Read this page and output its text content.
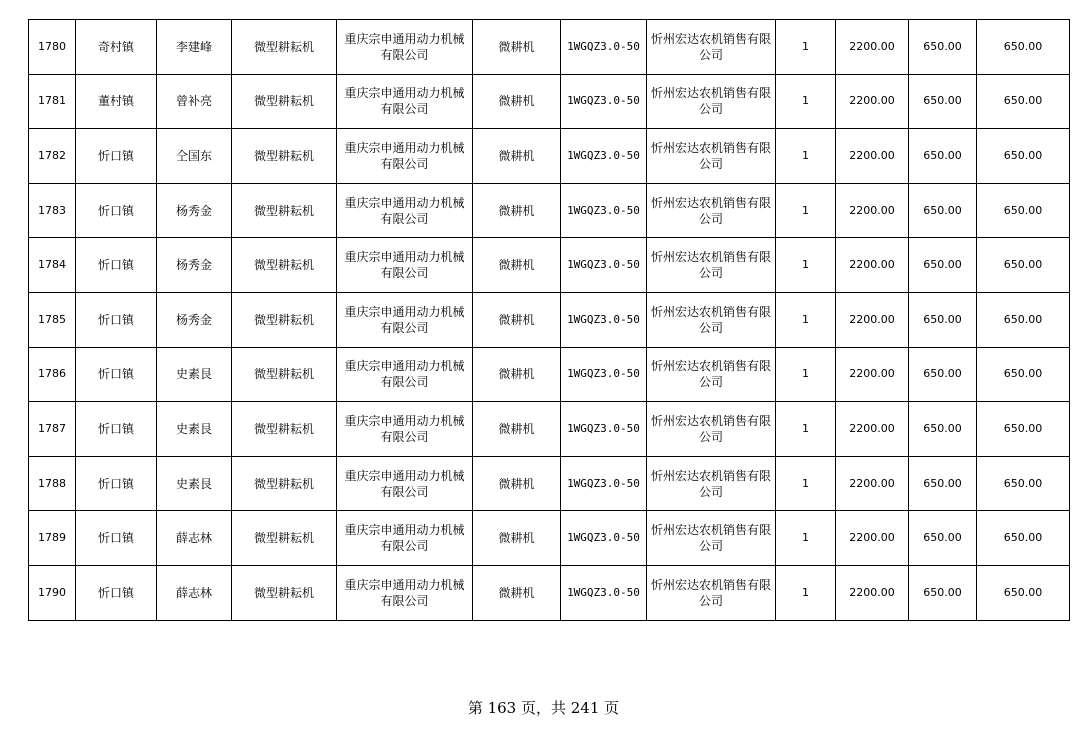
1780	奇村镇	李建峰	微型耕耘机	重庆宗申通用动力机械有限公司	微耕机	1WGQZ3.0-50	忻州宏达农机销售有限公司	1	2200.00	650.00	650.00
1781	董村镇	曾补亮	微型耕耘机	重庆宗申通用动力机械有限公司	微耕机	1WGQZ3.0-50	忻州宏达农机销售有限公司	1	2200.00	650.00	650.00
1782	忻口镇	仝国东	微型耕耘机	重庆宗申通用动力机械有限公司	微耕机	1WGQZ3.0-50	忻州宏达农机销售有限公司	1	2200.00	650.00	650.00
1783	忻口镇	杨秀金	微型耕耘机	重庆宗申通用动力机械有限公司	微耕机	1WGQZ3.0-50	忻州宏达农机销售有限公司	1	2200.00	650.00	650.00
1784	忻口镇	杨秀金	微型耕耘机	重庆宗申通用动力机械有限公司	微耕机	1WGQZ3.0-50	忻州宏达农机销售有限公司	1	2200.00	650.00	650.00
1785	忻口镇	杨秀金	微型耕耘机	重庆宗申通用动力机械有限公司	微耕机	1WGQZ3.0-50	忻州宏达农机销售有限公司	1	2200.00	650.00	650.00
1786	忻口镇	史素艮	微型耕耘机	重庆宗申通用动力机械有限公司	微耕机	1WGQZ3.0-50	忻州宏达农机销售有限公司	1	2200.00	650.00	650.00
1787	忻口镇	史素艮	微型耕耘机	重庆宗申通用动力机械有限公司	微耕机	1WGQZ3.0-50	忻州宏达农机销售有限公司	1	2200.00	650.00	650.00
1788	忻口镇	史素艮	微型耕耘机	重庆宗申通用动力机械有限公司	微耕机	1WGQZ3.0-50	忻州宏达农机销售有限公司	1	2200.00	650.00	650.00
1789	忻口镇	薛志林	微型耕耘机	重庆宗申通用动力机械有限公司	微耕机	1WGQZ3.0-50	忻州宏达农机销售有限公司	1	2200.00	650.00	650.00
1790	忻口镇	薛志林	微型耕耘机	重庆宗申通用动力机械有限公司	微耕机	1WGQZ3.0-50	忻州宏达农机销售有限公司	1	2200.00	650.00	650.00
第 163 页，共 241 页
